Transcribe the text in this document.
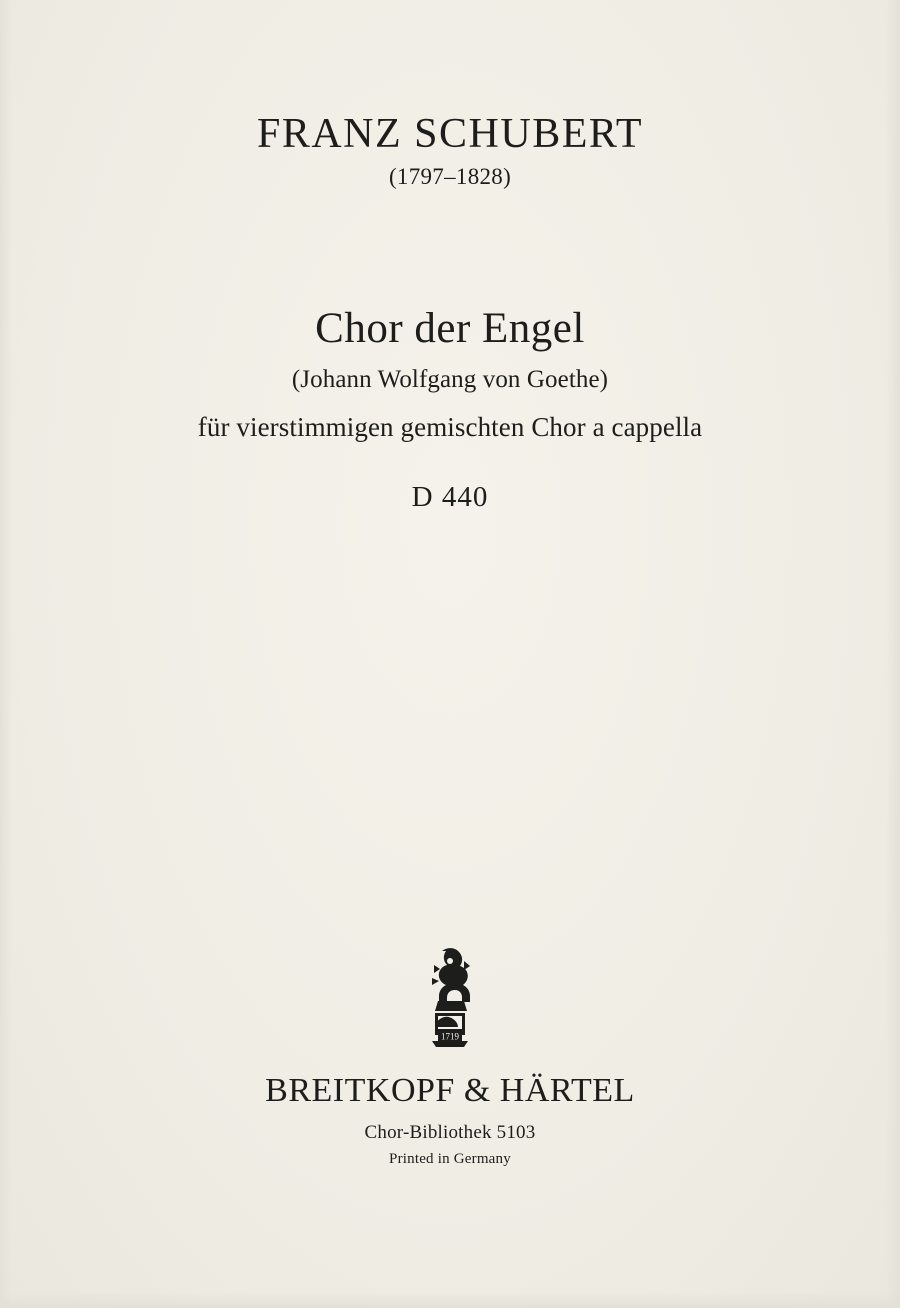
FRANZ SCHUBERT
(1797–1828)
Chor der Engel
(Johann Wolfgang von Goethe)
für vierstimmigen gemischten Chor a cappella
D 440
1719
BREITKOPF & HÄRTEL
Chor-Bibliothek 5103
Printed in Germany
